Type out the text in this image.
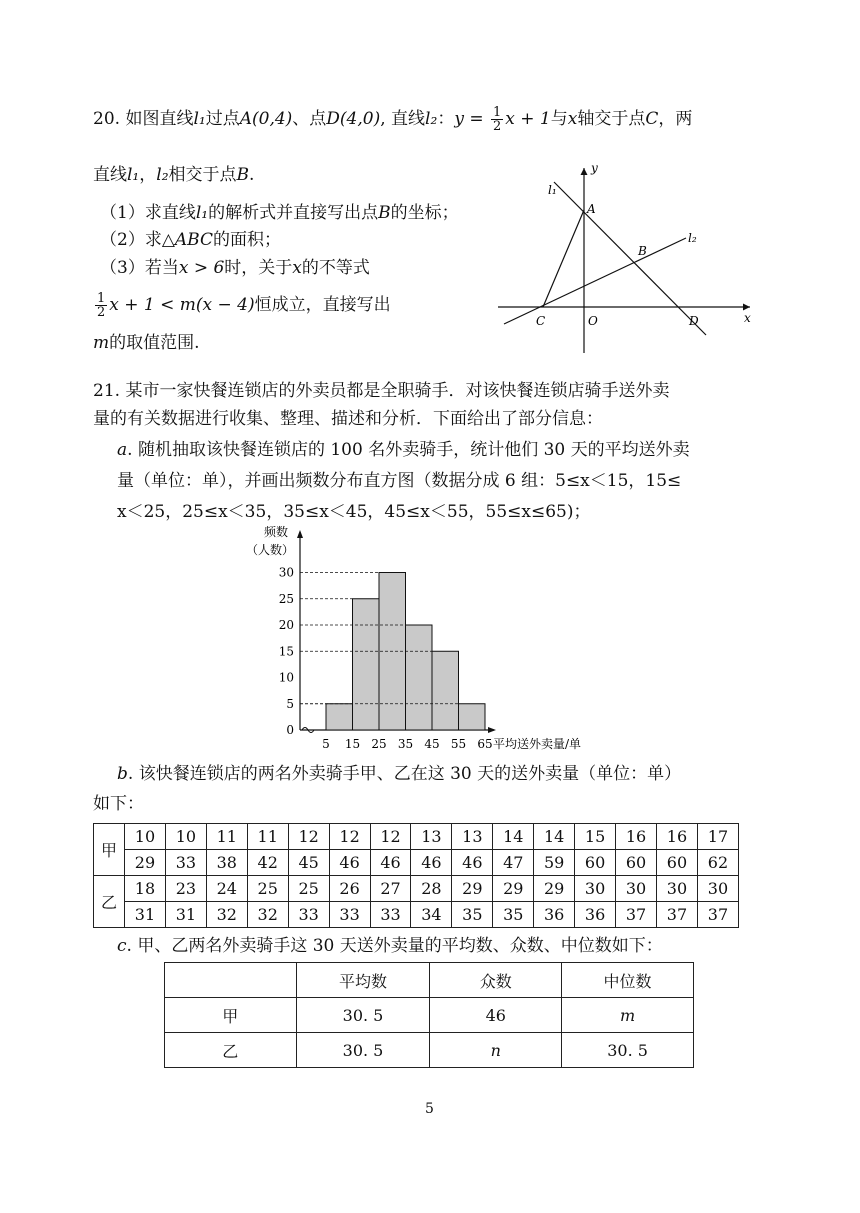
20. 如图直线l₁过点A(0,4)、点D(4,0), 直线l₂：$y = \frac{1}{2}$ x + 1与x轴交于点C，两
直线l₁，l₂相交于点B.
（1）求直线l₁的解析式并直接写出点B的坐标；
（2）求△ABC的面积；
（3）若当x > 6时，关于x的不等式
$\frac{1}{2}$ x + 1 < m(x − 4)恒成立，直接写出
m的取值范围.
y
x
l₁
l₂
A
B
C	O	D
21. 某市一家快餐连锁店的外卖员都是全职骑手．对该快餐连锁店骑手送外卖
量的有关数据进行收集、整理、描述和分析．下面给出了部分信息：
a. 随机抽取该快餐连锁店的 100 名外卖骑手，统计他们 30 天的平均送外卖
量（单位：单），并画出频数分布直方图（数据分成 6 组：5≤x＜15，15≤
x＜25，25≤x＜35，35≤x＜45，45≤x＜55，55≤x≤65)；
0
5
10
15
20
25
30
5 15 25 35 45 55 65 平均送外卖量/单
频数
（人数）
b. 该快餐连锁店的两名外卖骑手甲、乙在这 30 天的送外卖量（单位：单）
如下：
甲	10	10	11	11	12	12	12	13	13	14	14	15	16	16	17
	29	33	38	42	45	46	46	46	46	47	59	60	60	60	62
乙	18	23	24	25	25	26	27	28	29	29	29	30	30	30	30
	31	31	32	32	33	33	33	34	35	35	36	36	37	37	37
c. 甲、乙两名外卖骑手这 30 天送外卖量的平均数、众数、中位数如下：
	平均数	众数	中位数
甲	30. 5	46	m
乙	30. 5	n	30. 5
5
